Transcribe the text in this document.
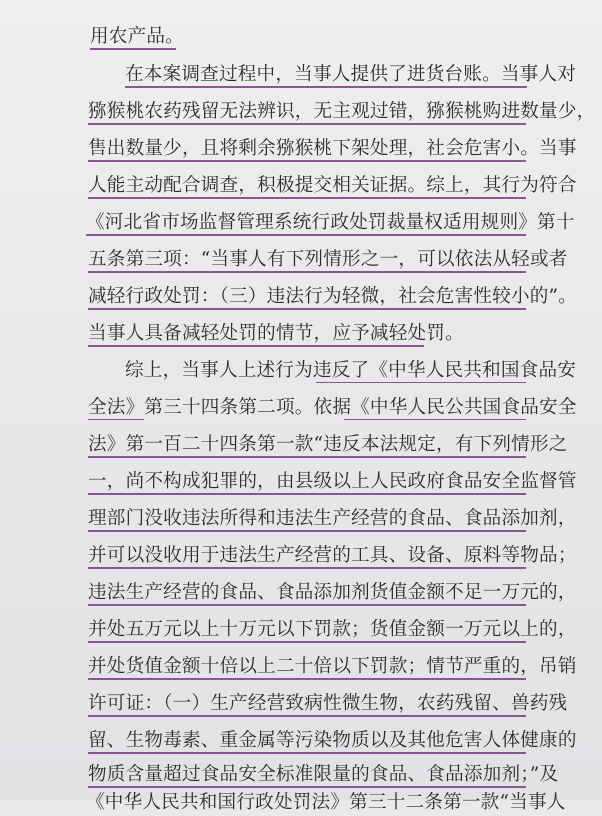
用农产品。
在本案调查过程中，当事人提供了进货台账。当事人对
猕猴桃农药残留无法辨识，无主观过错，猕猴桃购进数量少，
售出数量少，且将剩余猕猴桃下架处理，社会危害小。当事
人能主动配合调查，积极提交相关证据。综上，其行为符合
《河北省市场监督管理系统行政处罚裁量权适用规则》第十
五条第三项：“当事人有下列情形之一，可以依法从轻或者
减轻行政处罚：（三）违法行为轻微，社会危害性较小的”。
当事人具备减轻处罚的情节，应予减轻处罚。
综上，当事人上述行为违反了《中华人民共和国食品安
全法》第三十四条第二项。依据《中华人民公共国食品安全
法》第一百二十四条第一款“违反本法规定，有下列情形之
一，尚不构成犯罪的，由县级以上人民政府食品安全监督管
理部门没收违法所得和违法生产经营的食品、食品添加剂，
并可以没收用于违法生产经营的工具、设备、原料等物品；
违法生产经营的食品、食品添加剂货值金额不足一万元的，
并处五万元以上十万元以下罚款；货值金额一万元以上的，
并处货值金额十倍以上二十倍以下罚款；情节严重的，吊销
许可证：（一）生产经营致病性微生物，农药残留、兽药残
留、生物毒素、重金属等污染物质以及其他危害人体健康的
物质含量超过食品安全标准限量的食品、食品添加剂；”及
《中华人民共和国行政处罚法》第三十二条第一款“当事人
